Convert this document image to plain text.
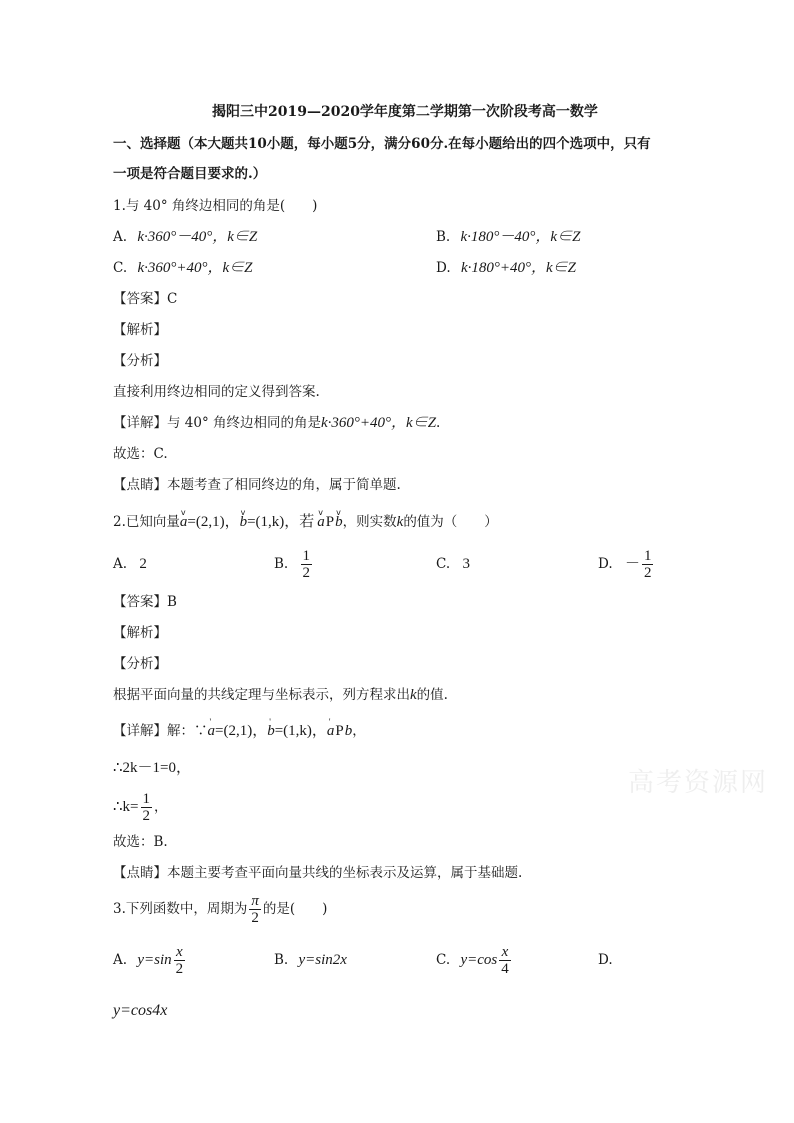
揭阳三中2019—2020学年度第二学期第一次阶段考高一数学
一、选择题（本大题共10小题，每小题5分，满分60分.在每小题给出的四个选项中，只有
一项是符合题目要求的.）
1.与 40° 角终边相同的角是(　　)
A. k·360°－40°，k∈Z	B. k·180°－40°，k∈Z
C. k·360°+40°，k∈Z	D. k·180°+40°，k∈Z
【答案】C
【解析】
【分析】
直接利用终边相同的定义得到答案.
【详解】与 40° 角终边相同的角是k·360°+40°，k∈Z.
故选：C.
【点睛】本题考查了相同终边的角，属于简单题.
2.已知向量v a=(2,1)，v b=(1,k)，若v aPv b，则实数k的值为（　　）
A. 2	B. $\frac{1}{2}$	C. 3	D. － $\frac{1}{2}$
【答案】B
【解析】
【分析】
根据平面向量的共线定理与坐标表示，列方程求出k的值.
【详解】解：∵' a=(2,1)，' b=(1,k)，' aPb，
∴2k－1=0，
∴k= $\frac{1}{2}$ ，
故选：B.
【点睛】本题主要考查平面向量共线的坐标表示及运算，属于基础题.
3.下列函数中，周期为 $\frac{\pi}{2}$ 的是(　　)
A. $y=\sin \frac{x}{2}$	B. y=sin2x	C. $y=\cos \frac{x}{4}$	D.
y=cos4x
高考资源网
